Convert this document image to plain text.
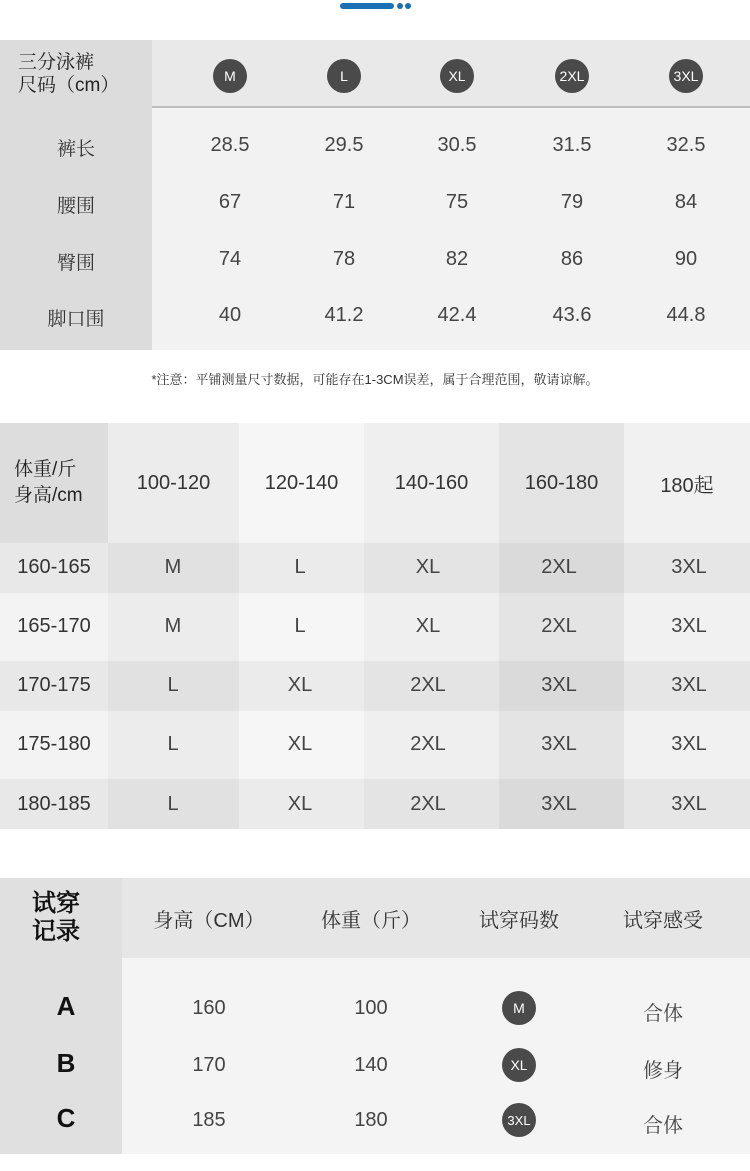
三分泳裤
尺码（cm）	M	L	XL	2XL	3XL
裤长	28.5	29.5	30.5	31.5	32.5
腰围	67	71	75	79	84
臀围	74	78	82	86	90
脚口围	40	41.2	42.4	43.6	44.8
*注意：平铺测量尺寸数据，可能存在1-3CM误差，属于合理范围，敬请谅解。
体重/斤
身高/cm
100-120	120-140	140-160	160-180	180起
160-165	M	L	XL	2XL	3XL
165-170	M	L	XL	2XL	3XL
170-175	L	XL	2XL	3XL	3XL
175-180	L	XL	2XL	3XL	3XL
180-185	L	XL	2XL	3XL	3XL
试穿
记录	身高（CM）	体重（斤）	试穿码数	试穿感受
A	160	100	M	合体
B	170	140	XL	修身
C	185	180	3XL	合体
